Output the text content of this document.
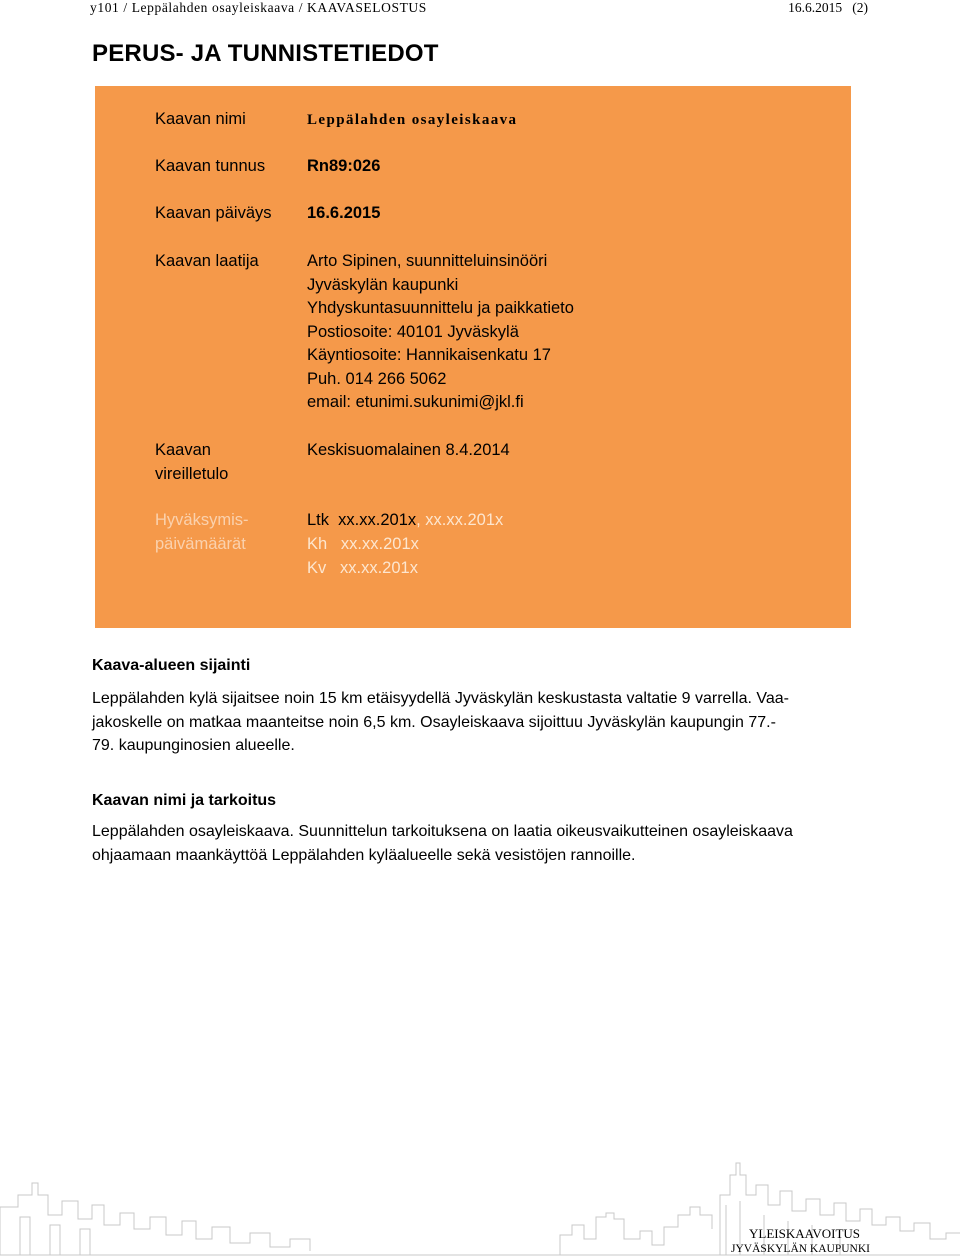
y101 / Leppälahden osayleiskaava / KAAVASELOSTUS	16.6.2015   (2)
PERUS- JA TUNNISTETIEDOT
Kaavan nimi	Leppälahden osayleiskaava
Kaavan tunnus	Rn89:026
Kaavan päiväys 16.6.2015
Kaavan laatija	Arto Sipinen, suunnitteluinsinööri
Jyväskylän kaupunki
Yhdyskuntasuunnittelu ja paikkatieto
Postiosoite: 40101 Jyväskylä
Käyntiosoite: Hannikaisenkatu 17
Puh. 014 266 5062
email: etunimi.sukunimi@jkl.fi
Kaavan
vireilletulo
Keskisuomalainen 8.4.2014
Hyväksymis-
päivämäärät
Ltk  xx.xx.201x, xx.xx.201x
Kh   xx.xx.201x
Kv   xx.xx.201x
Kaava-alueen sijainti
Leppälahden kylä sijaitsee noin 15 km etäisyydellä Jyväskylän keskustasta valtatie 9 varrella. Vaa-
jakoskelle on matkaa maanteitse noin 6,5 km. Osayleiskaava sijoittuu Jyväskylän kaupungin 77.-
79. kaupunginosien alueelle.
Kaavan nimi ja tarkoitus
Leppälahden osayleiskaava. Suunnittelun tarkoituksena on laatia oikeusvaikutteinen osayleiskaava
ohjaamaan maankäyttöä Leppälahden kyläalueelle sekä vesistöjen rannoille.
YLEISKAAVOITUS
JYVÄSKYLÄN KAUPUNKI
